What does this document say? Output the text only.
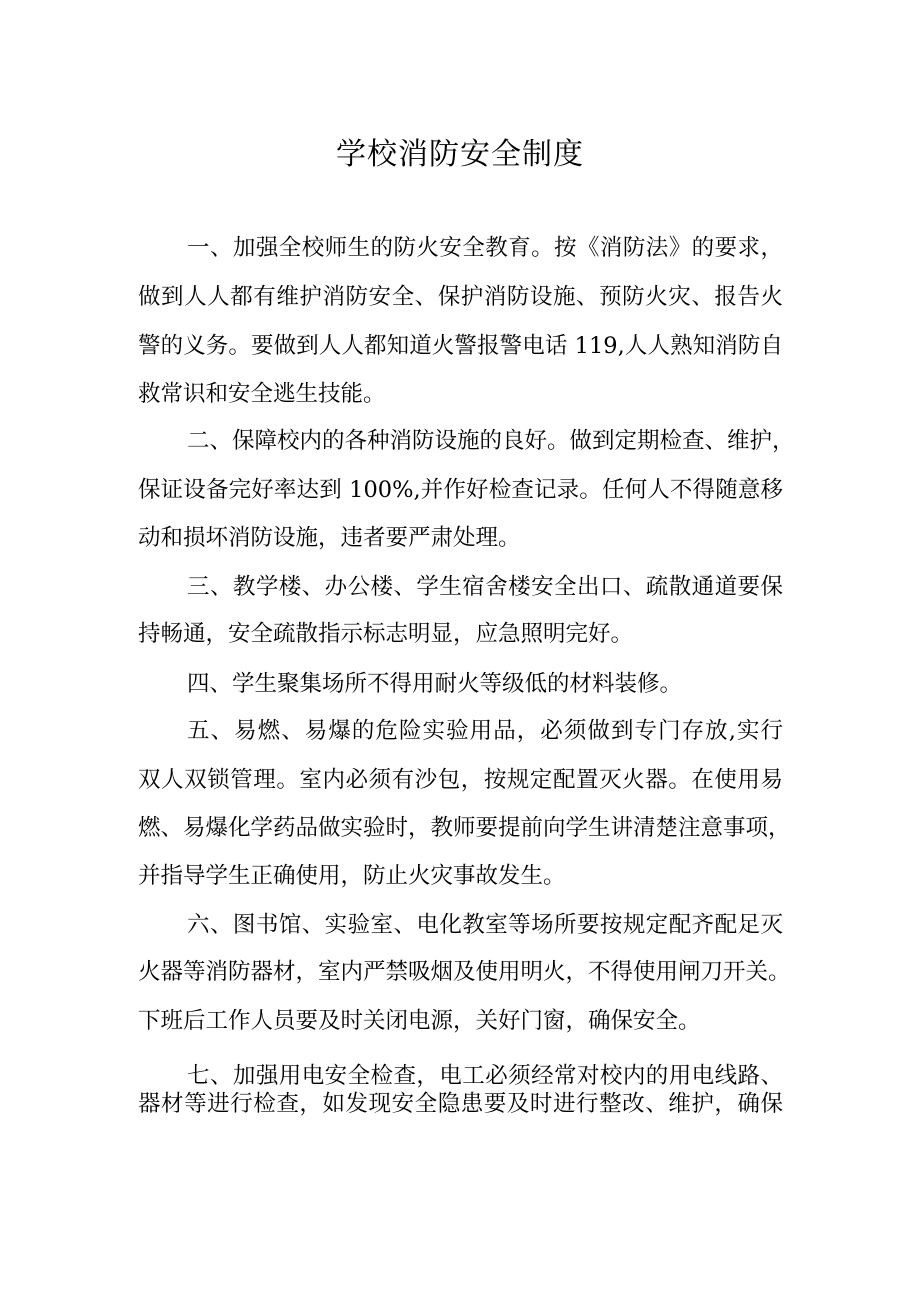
学校消防安全制度
一、加强全校师生的防火安全教育。按《消防法》的要求，
做到人人都有维护消防安全、保护消防设施、预防火灾、报告火
警的义务。要做到人人都知道火警报警电话 119,人人熟知消防自
救常识和安全逃生技能。
二、保障校内的各种消防设施的良好。做到定期检查、维护，
保证设备完好率达到 100%,并作好检查记录。任何人不得随意移
动和损坏消防设施，违者要严肃处理。
三、教学楼、办公楼、学生宿舍楼安全出口、疏散通道要保
持畅通，安全疏散指示标志明显，应急照明完好。
四、学生聚集场所不得用耐火等级低的材料装修。
五、易燃、易爆的危险实验用品，必须做到专门存放,实行
双人双锁管理。室内必须有沙包，按规定配置灭火器。在使用易
燃、易爆化学药品做实验时，教师要提前向学生讲清楚注意事项，
并指导学生正确使用，防止火灾事故发生。
六、图书馆、实验室、电化教室等场所要按规定配齐配足灭
火器等消防器材，室内严禁吸烟及使用明火，不得使用闸刀开关。
下班后工作人员要及时关闭电源，关好门窗，确保安全。
七、加强用电安全检查，电工必须经常对校内的用电线路、
器材等进行检查，如发现安全隐患要及时进行整改、维护，确保
